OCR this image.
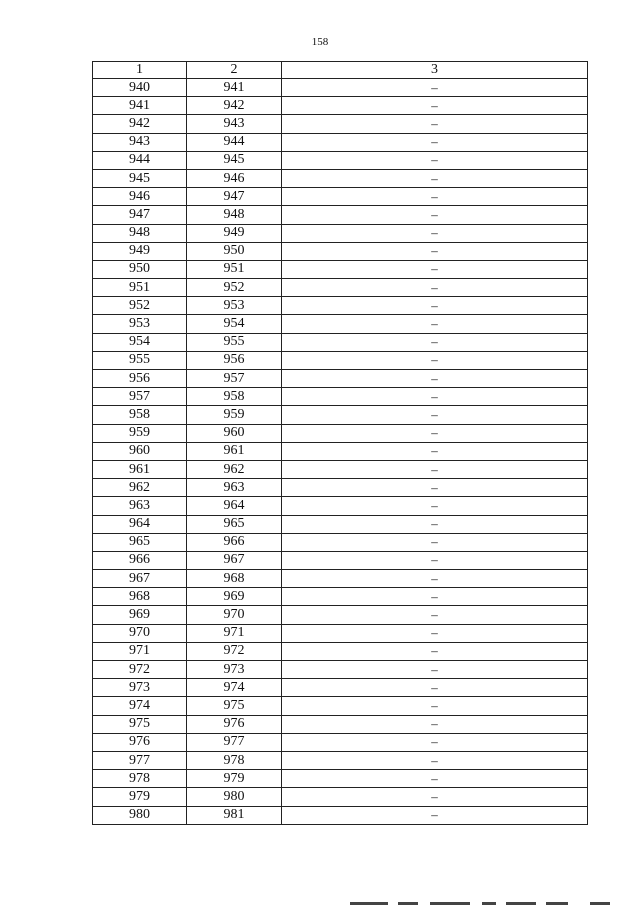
158
1	2	3
940	941	–
941	942	–
942	943	–
943	944	–
944	945	–
945	946	–
946	947	–
947	948	–
948	949	–
949	950	–
950	951	–
951	952	–
952	953	–
953	954	–
954	955	–
955	956	–
956	957	–
957	958	–
958	959	–
959	960	–
960	961	–
961	962	–
962	963	–
963	964	–
964	965	–
965	966	–
966	967	–
967	968	–
968	969	–
969	970	–
970	971	–
971	972	–
972	973	–
973	974	–
974	975	–
975	976	–
976	977	–
977	978	–
978	979	–
979	980	–
980	981	–
